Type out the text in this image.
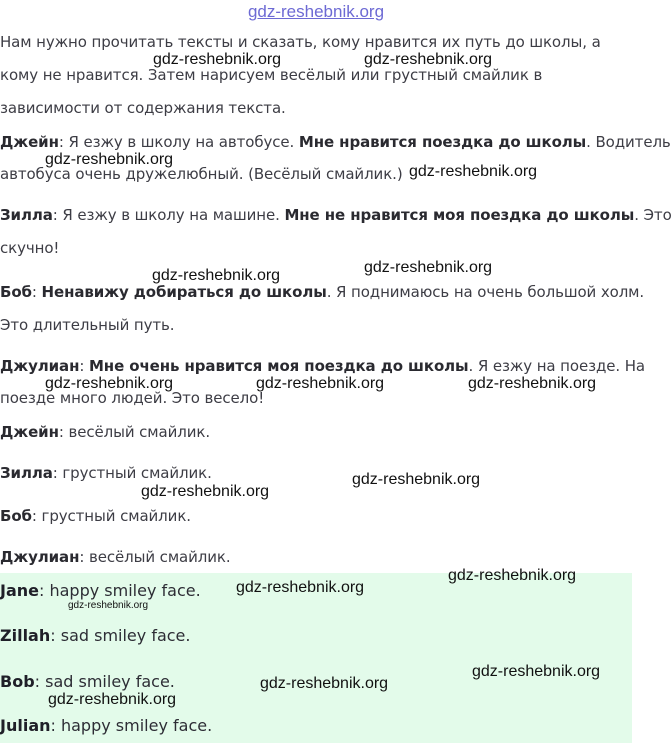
gdz-reshebnik.org
Нам нужно прочитать тексты и сказать, кому нравится их путь до школы, а
кому не нравится. Затем нарисуем весёлый или грустный смайлик в
зависимости от содержания текста.
Джейн: Я езжу в школу на автобусе. Мне нравится поездка до школы. Водитель
автобуса очень дружелюбный. (Весёлый смайлик.)
Зилла: Я езжу в школу на машине. Мне не нравится моя поездка до школы. Это
скучно!
Боб: Ненавижу добираться до школы. Я поднимаюсь на очень большой холм.
Это длительный путь.
Джулиан: Мне очень нравится моя поездка до школы. Я езжу на поезде. На
поезде много людей. Это весело!
Джейн: весёлый смайлик.
Зилла: грустный смайлик.
Боб: грустный смайлик.
Джулиан: весёлый смайлик.
Jane: happy smiley face.
Zillah: sad smiley face.
Bob: sad smiley face.
Julian: happy smiley face.
gdz-reshebnik.org	gdz-reshebnik.org
gdz-reshebnik.org
gdz-reshebnik.org
gdz-reshebnik.org	gdz-reshebnik.org
gdz-reshebnik.org	gdz-reshebnik.org	gdz-reshebnik.org
gdz-reshebnik.org
gdz-reshebnik.org
gdz-reshebnik.org
gdz-reshebnik.org
gdz-reshebnik.org
gdz-reshebnik.org
gdz-reshebnik.org
gdz-reshebnik.org
